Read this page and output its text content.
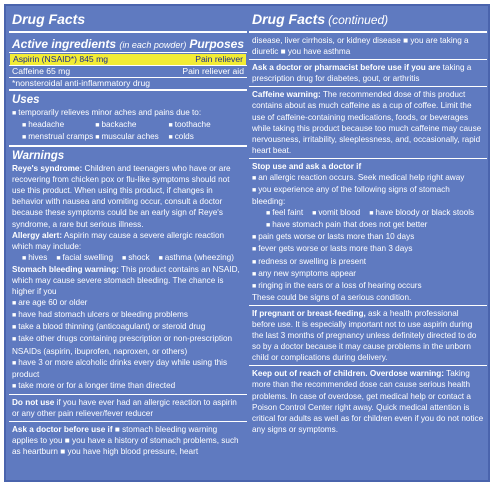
Drug Facts
Active ingredients (in each powder) Purposes
Aspirin (NSAID*) 845 mg	Pain reliever
Caffeine 65 mg	Pain reliever aid
*nonsteroidal anti-inflammatory drug
Uses
■ temporarily relieves minor aches and pains due to:
■ headache	■ backache	■ toothache
■ menstrual cramps ■ muscular aches	■ colds
Warnings

Reye's syndrome: Children and teenagers who have or are recovering from chicken pox or flu-like symptoms should not use this product. When using this product, if changes in behavior with nausea and vomiting occur, consult a doctor because these symptoms could be an early sign of Reye's syndrome, a rare but serious illness.

Allergy alert: Aspirin may cause a severe allergic reaction which may include:

■ hives	■ facial swelling	■ shock	■ asthma (wheezing)

Stomach bleeding warning: This product contains an NSAID, which may cause severe stomach bleeding. The chance is higher if you

■ are age 60 or older
■ have had stomach ulcers or bleeding problems
■ take a blood thinning (anticoagulant) or steroid drug
■ take other drugs containing prescription or non-prescription NSAIDs (aspirin, ibuprofen, naproxen, or others)
■ have 3 or more alcoholic drinks every day while using this product
■ take more or for a longer time than directed

Do not use if you have ever had an allergic reaction to aspirin or any other pain reliever/fever reducer

Ask a doctor before use if ■ stomach bleeding warning applies to you ■ you have a history of stomach problems, such as heartburn ■ you have high blood pressure, heart

Drug Facts (continued)

disease, liver cirrhosis, or kidney disease ■ you are taking a diuretic ■ you have asthma

Ask a doctor or pharmacist before use if you are taking a prescription drug for diabetes, gout, or arthritis

Caffeine warning: The recommended dose of this product contains about as much caffeine as a cup of coffee. Limit the use of caffeine-containing medications, foods, or beverages while taking this product because too much caffeine may cause nervousness, irritability, sleeplessness, and, occasionally, rapid heart beat.

Stop use and ask a doctor if

■ an allergic reaction occurs. Seek medical help right away
■ you experience any of the following signs of stomach bleeding:
■ feel faint	■ vomit blood	■ have bloody or black stools
■ have stomach pain that does not get better
■ pain gets worse or lasts more than 10 days
■ fever gets worse or lasts more than 3 days
■ redness or swelling is present
■ any new symptoms appear
■ ringing in the ears or a loss of hearing occurs

These could be signs of a serious condition.

If pregnant or breast-feeding, ask a health professional before use. It is especially important not to use aspirin during the last 3 months of pregnancy unless definitely directed to do so by a doctor because it may cause problems in the unborn child or complications during delivery.

Keep out of reach of children. Overdose warning: Taking more than the recommended dose can cause serious health problems. In case of overdose, get medical help or contact a Poison Control Center right away. Quick medical attention is critical for adults as well as for children even if you do not notice any signs or symptoms.
